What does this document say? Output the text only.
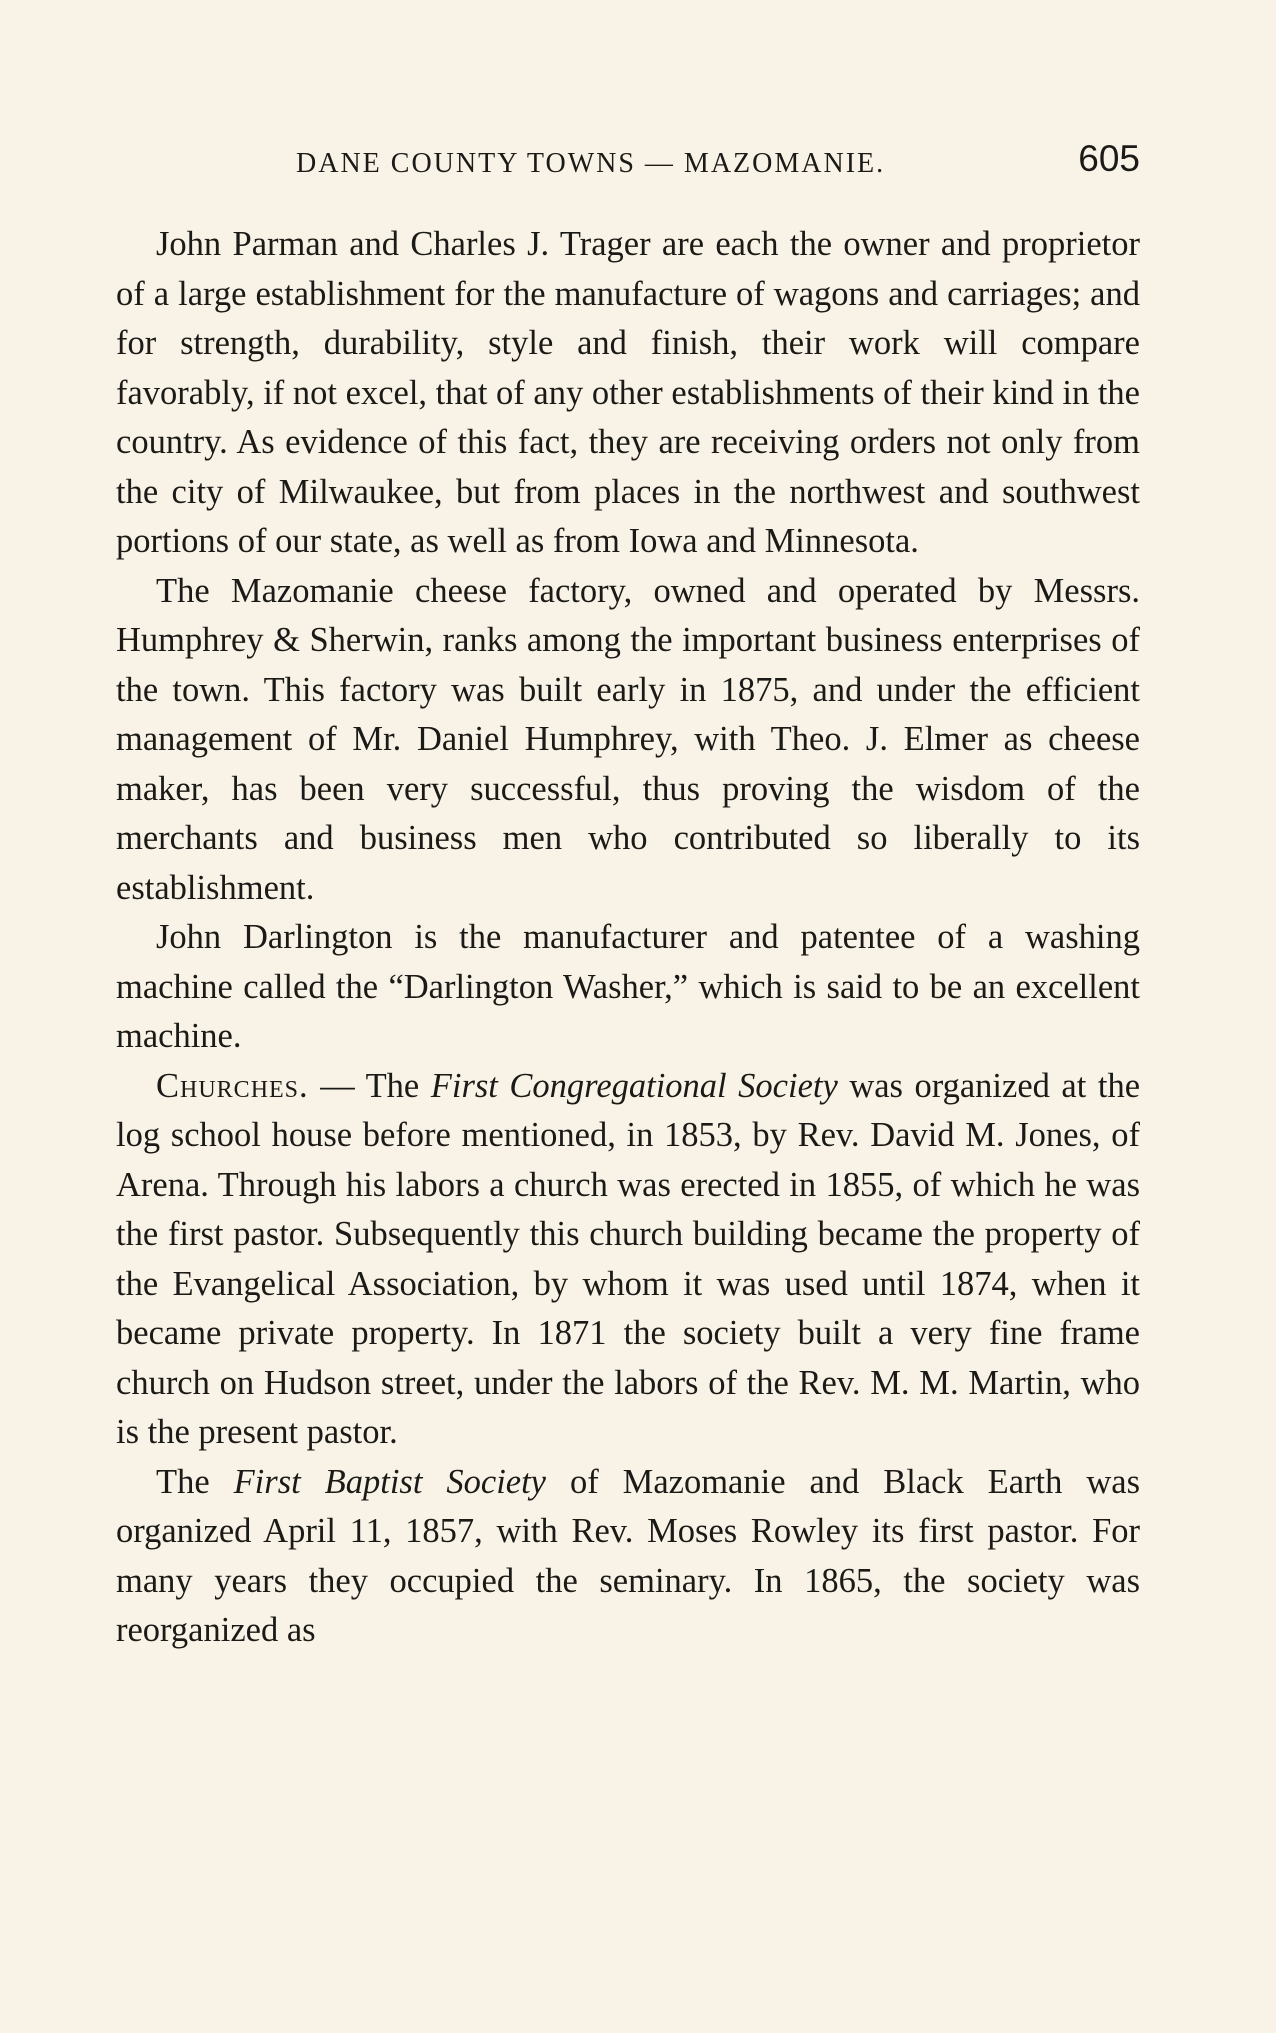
DANE COUNTY TOWNS — MAZOMANIE.	605

John Parman and Charles J. Trager are each the owner and proprietor of a large establishment for the manufacture of wagons and carriages; and for strength, durability, style and finish, their work will compare favorably, if not excel, that of any other establishments of their kind in the country. As evidence of this fact, they are receiving orders not only from the city of Milwaukee, but from places in the northwest and southwest portions of our state, as well as from Iowa and Minnesota.

The Mazomanie cheese factory, owned and operated by Messrs. Humphrey & Sherwin, ranks among the important business enterprises of the town. This factory was built early in 1875, and under the efficient management of Mr. Daniel Humphrey, with Theo. J. Elmer as cheese maker, has been very successful, thus proving the wisdom of the merchants and business men who contributed so liberally to its establishment.

John Darlington is the manufacturer and patentee of a washing machine called the “Darlington Washer,” which is said to be an excellent machine.

Churches. — The First Congregational Society was organized at the log school house before mentioned, in 1853, by Rev. David M. Jones, of Arena. Through his labors a church was erected in 1855, of which he was the first pastor. Subsequently this church building became the property of the Evangelical Association, by whom it was used until 1874, when it became private property. In 1871 the society built a very fine frame church on Hudson street, under the labors of the Rev. M. M. Martin, who is the present pastor.

The First Baptist Society of Mazomanie and Black Earth was organized April 11, 1857, with Rev. Moses Rowley its first pastor. For many years they occupied the seminary. In 1865, the society was reorganized as
